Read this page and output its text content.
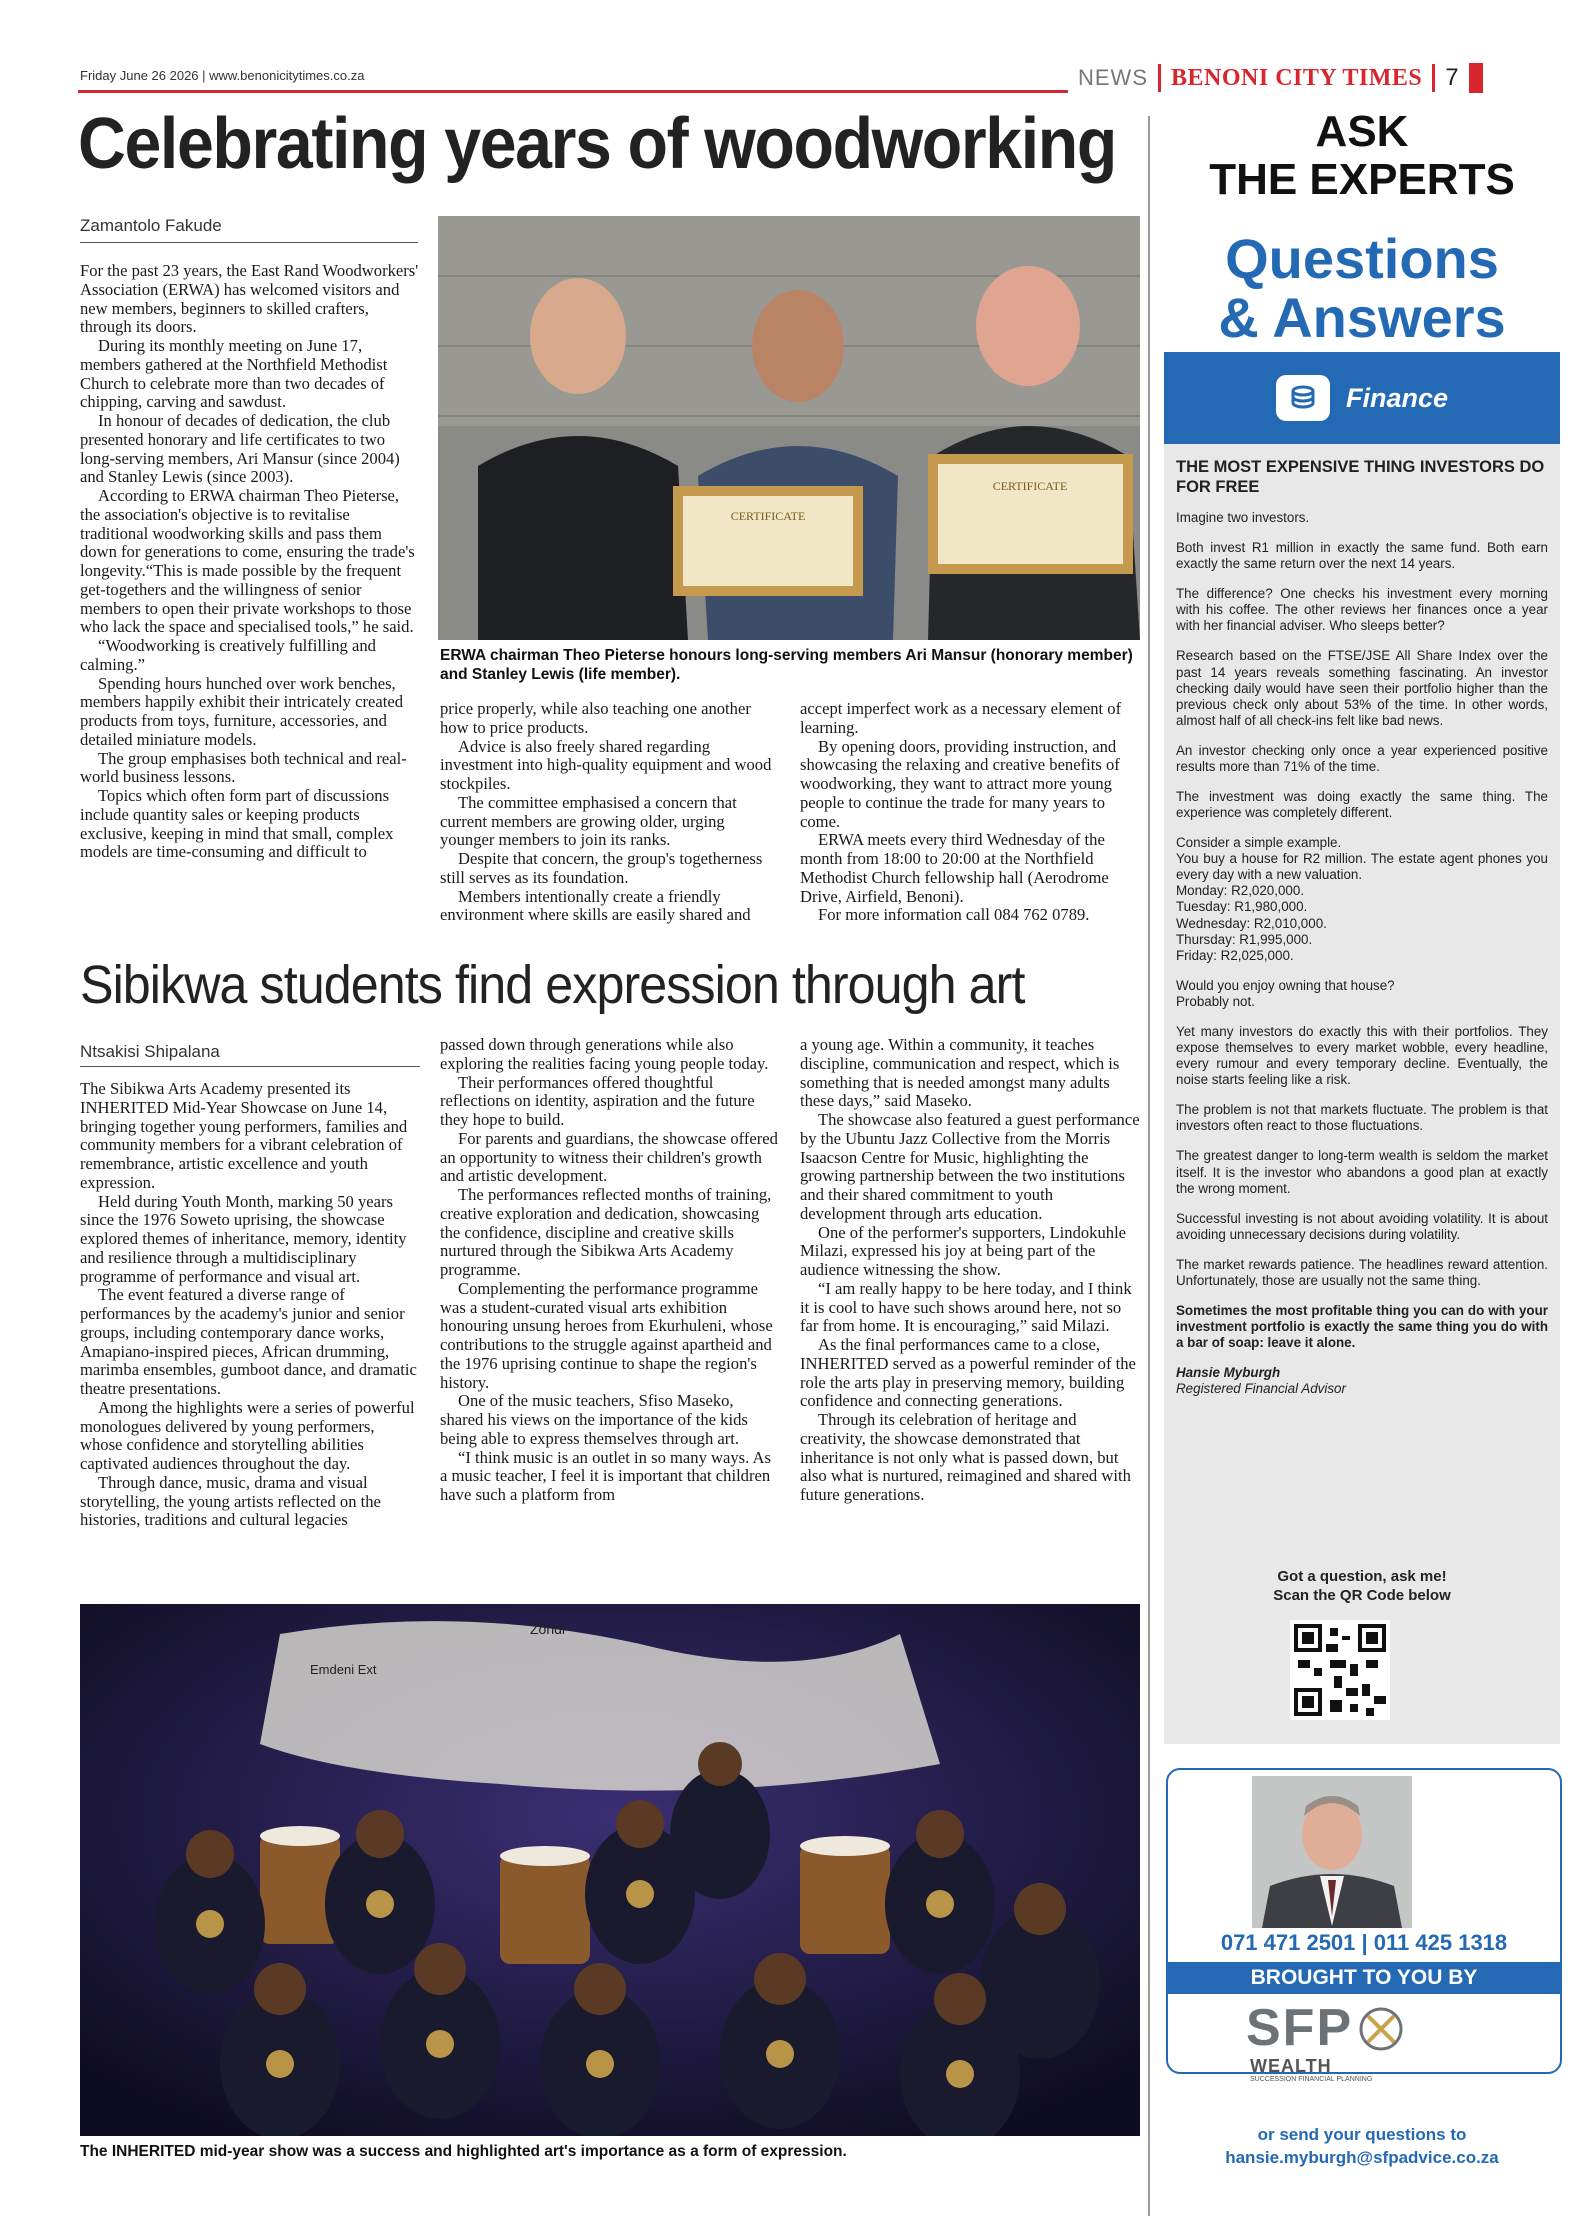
Friday June 26 2026 | www.benonicitytimes.co.za	NEWS BENONI CITY TIMES 7
Celebrating years of woodworking
Zamantolo Fakude

For the past 23 years, the East Rand Woodworkers' Association (ERWA) has welcomed visitors and new members, beginners to skilled crafters, through its doors.

During its monthly meeting on June 17, members gathered at the Northfield Methodist Church to celebrate more than two decades of chipping, carving and sawdust.

In honour of decades of dedication, the club presented honorary and life certificates to two long-serving members, Ari Mansur (since 2004) and Stanley Lewis (since 2003).

According to ERWA chairman Theo Pieterse, the association's objective is to revitalise traditional woodworking skills and pass them down for generations to come, ensuring the trade's longevity.“This is made possible by the frequent get-togethers and the willingness of senior members to open their private workshops to those who lack the space and specialised tools,” he said.

“Woodworking is creatively fulfilling and calming.”

Spending hours hunched over work benches, members happily exhibit their intricately created products from toys, furniture, accessories, and detailed miniature models.

The group emphasises both technical and real-world business lessons.

Topics which often form part of discussions include quantity sales or keeping products exclusive, keeping in mind that small, complex models are time-consuming and difficult to

CERTIFICATE
CERTIFICATE
ERWA chairman Theo Pieterse honours long-serving members Ari Mansur (honorary member) and Stanley Lewis (life member).

price properly, while also teaching one another how to price products.

Advice is also freely shared regarding investment into high-quality equipment and wood stockpiles.

The committee emphasised a concern that current members are growing older, urging younger members to join its ranks.

Despite that concern, the group's togetherness still serves as its foundation.

Members intentionally create a friendly environment where skills are easily shared and

accept imperfect work as a necessary element of learning.

By opening doors, providing instruction, and showcasing the relaxing and creative benefits of woodworking, they want to attract more young people to continue the trade for many years to come.

ERWA meets every third Wednesday of the month from 18:00 to 20:00 at the Northfield Methodist Church fellowship hall (Aerodrome Drive, Airfield, Benoni).

For more information call 084 762 0789.

Sibikwa students find expression through art
Ntsakisi Shipalana

The Sibikwa Arts Academy presented its INHERITED Mid-Year Showcase on June 14, bringing together young performers, families and community members for a vibrant celebration of remembrance, artistic excellence and youth expression.

Held during Youth Month, marking 50 years since the 1976 Soweto uprising, the showcase explored themes of inheritance, memory, identity and resilience through a multidisciplinary programme of performance and visual art.

The event featured a diverse range of performances by the academy's junior and senior groups, including contemporary dance works, Amapiano-inspired pieces, African drumming, marimba ensembles, gumboot dance, and dramatic theatre presentations.

Among the highlights were a series of powerful monologues delivered by young performers, whose confidence and storytelling abilities captivated audiences throughout the day.

Through dance, music, drama and visual storytelling, the young artists reflected on the histories, traditions and cultural legacies

passed down through generations while also exploring the realities facing young people today.

Their performances offered thoughtful reflections on identity, aspiration and the future they hope to build.

For parents and guardians, the showcase offered an opportunity to witness their children's growth and artistic development.

The performances reflected months of training, creative exploration and dedication, showcasing the confidence, discipline and creative skills nurtured through the Sibikwa Arts Academy programme.

Complementing the performance programme was a student-curated visual arts exhibition honouring unsung heroes from Ekurhuleni, whose contributions to the struggle against apartheid and the 1976 uprising continue to shape the region's history.

One of the music teachers, Sfiso Maseko, shared his views on the importance of the kids being able to express themselves through art.

“I think music is an outlet in so many ways. As a music teacher, I feel it is important that children have such a platform from

a young age. Within a community, it teaches discipline, communication and respect, which is something that is needed amongst many adults these days,” said Maseko.

The showcase also featured a guest performance by the Ubuntu Jazz Collective from the Morris Isaacson Centre for Music, highlighting the growing partnership between the two institutions and their shared commitment to youth development through arts education.

One of the performer's supporters, Lindokuhle Milazi, expressed his joy at being part of the audience witnessing the show.

“I am really happy to be here today, and I think it is cool to have such shows around here, not so far from home. It is encouraging,” said Milazi.

As the final performances came to a close, INHERITED served as a powerful reminder of the role the arts play in preserving memory, building confidence and connecting generations.

Through its celebration of heritage and creativity, the showcase demonstrated that inheritance is not only what is passed down, but also what is nurtured, reimagined and shared with future generations.

Zondi
Emdeni Ext
The INHERITED mid-year show was a success and highlighted art's importance as a form of expression.
ASK
THE EXPERTS
Questions
& Answers
Finance
THE MOST EXPENSIVE THING INVESTORS DO FOR FREE

Imagine two investors.

Both invest R1 million in exactly the same fund. Both earn exactly the same return over the next 14 years.

The difference? One checks his investment every morning with his coffee. The other reviews her finances once a year with her financial adviser. Who sleeps better?

Research based on the FTSE/JSE All Share Index over the past 14 years reveals something fascinating. An investor checking daily would have seen their portfolio higher than the previous check only about 53% of the time. In other words, almost half of all check-ins felt like bad news.

An investor checking only once a year experienced positive results more than 71% of the time.

The investment was doing exactly the same thing. The experience was completely different.

Consider a simple example.

You buy a house for R2 million. The estate agent phones you every day with a new valuation.

Monday: R2,020,000.

Tuesday: R1,980,000.

Wednesday: R2,010,000.

Thursday: R1,995,000.

Friday: R2,025,000.

Would you enjoy owning that house?

Probably not.

Yet many investors do exactly this with their portfolios. They expose themselves to every market wobble, every headline, every rumour and every temporary decline. Eventually, the noise starts feeling like a risk.

The problem is not that markets fluctuate. The problem is that investors often react to those fluctuations.

The greatest danger to long-term wealth is seldom the market itself. It is the investor who abandons a good plan at exactly the wrong moment.

Successful investing is not about avoiding volatility. It is about avoiding unnecessary decisions during volatility.

The market rewards patience. The headlines reward attention. Unfortunately, those are usually not the same thing.

Sometimes the most profitable thing you can do with your investment portfolio is exactly the same thing you do with a bar of soap: leave it alone.

Hansie Myburgh

Registered Financial Advisor

Got a question, ask me!
Scan the QR Code below
071 471 2501 | 011 425 1318
BROUGHT TO YOU BY
SFP
WEALTH
SUCCESSION FINANCIAL PLANNING
or send your questions to
hansie.myburgh@sfpadvice.co.za
